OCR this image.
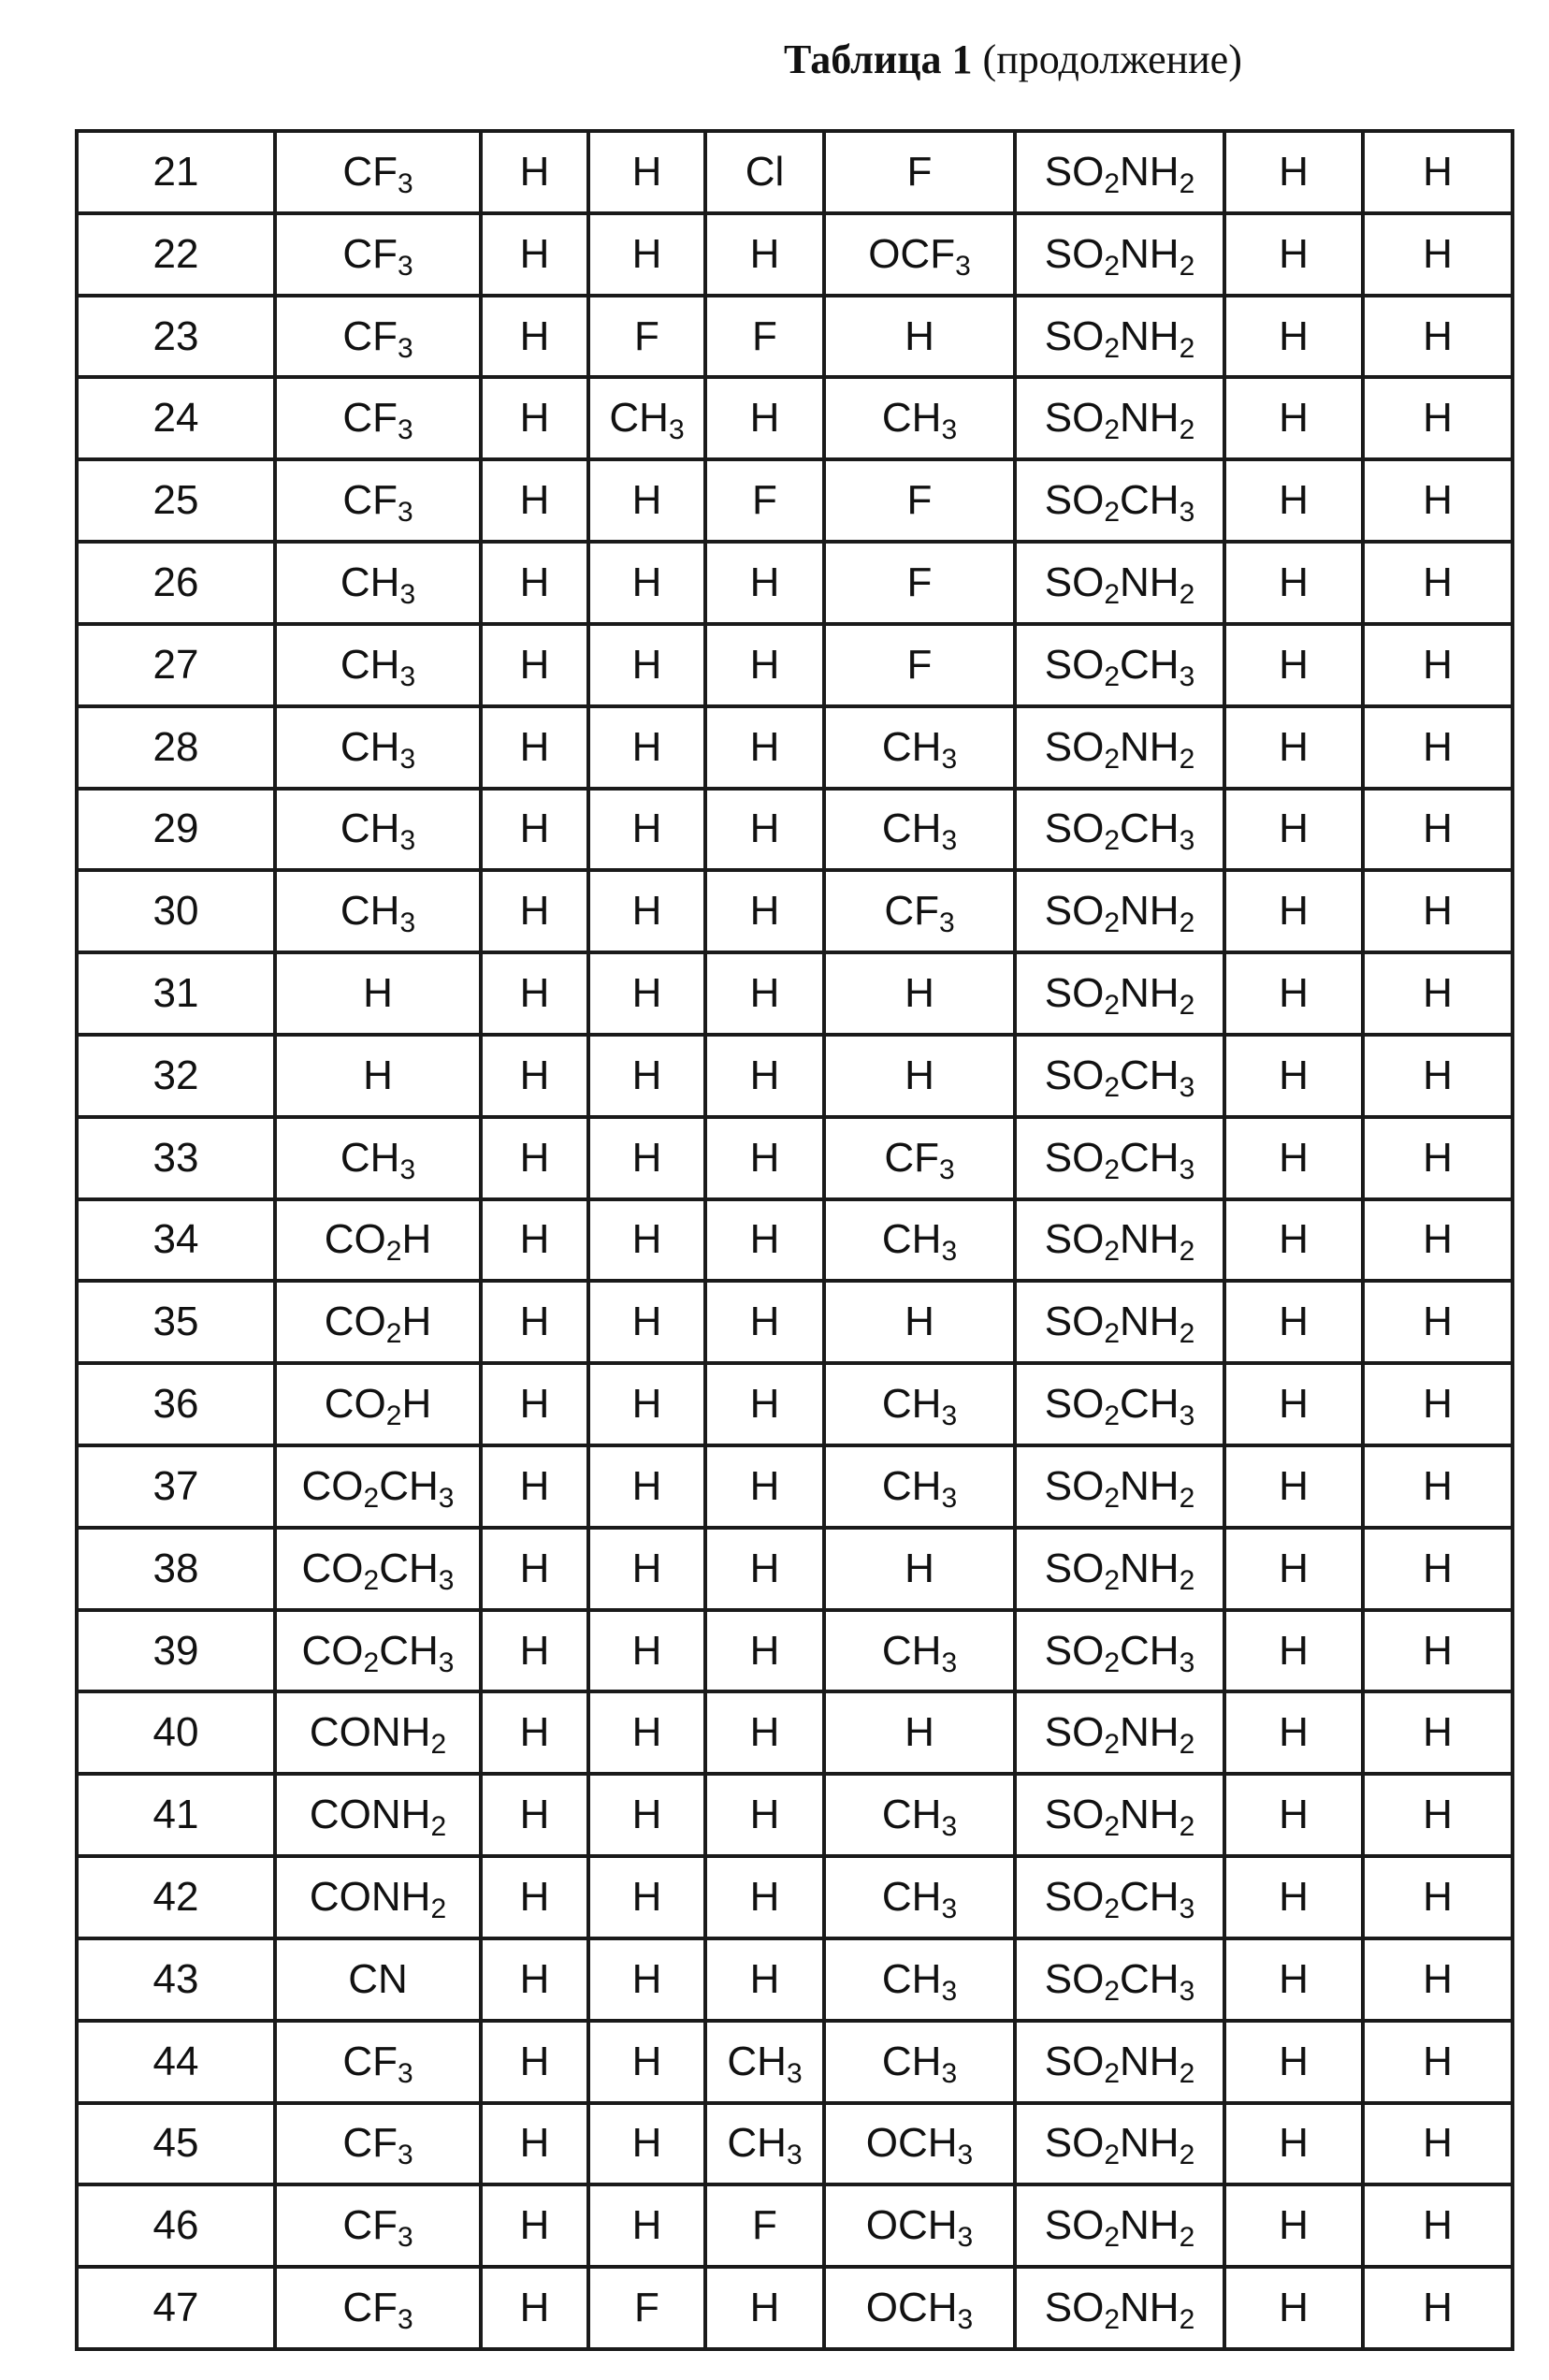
Таблица 1 (продолжение)
21	CF3	H	H	Cl	F	SO2NH2	H	H
22	CF3	H	H	H	OCF3	SO2NH2	H	H
23	CF3	H	F	F	H	SO2NH2	H	H
24	CF3	H	CH3	H	CH3	SO2NH2	H	H
25	CF3	H	H	F	F	SO2CH3	H	H
26	CH3	H	H	H	F	SO2NH2	H	H
27	CH3	H	H	H	F	SO2CH3	H	H
28	CH3	H	H	H	CH3	SO2NH2	H	H
29	CH3	H	H	H	CH3	SO2CH3	H	H
30	CH3	H	H	H	CF3	SO2NH2	H	H
31	H	H	H	H	H	SO2NH2	H	H
32	H	H	H	H	H	SO2CH3	H	H
33	CH3	H	H	H	CF3	SO2CH3	H	H
34	CO2H	H	H	H	CH3	SO2NH2	H	H
35	CO2H	H	H	H	H	SO2NH2	H	H
36	CO2H	H	H	H	CH3	SO2CH3	H	H
37	CO2CH3	H	H	H	CH3	SO2NH2	H	H
38	CO2CH3	H	H	H	H	SO2NH2	H	H
39	CO2CH3	H	H	H	CH3	SO2CH3	H	H
40	CONH2	H	H	H	H	SO2NH2	H	H
41	CONH2	H	H	H	CH3	SO2NH2	H	H
42	CONH2	H	H	H	CH3	SO2CH3	H	H
43	CN	H	H	H	CH3	SO2CH3	H	H
44	CF3	H	H	CH3	CH3	SO2NH2	H	H
45	CF3	H	H	CH3	OCH3	SO2NH2	H	H
46	CF3	H	H	F	OCH3	SO2NH2	H	H
47	CF3	H	F	H	OCH3	SO2NH2	H	H
